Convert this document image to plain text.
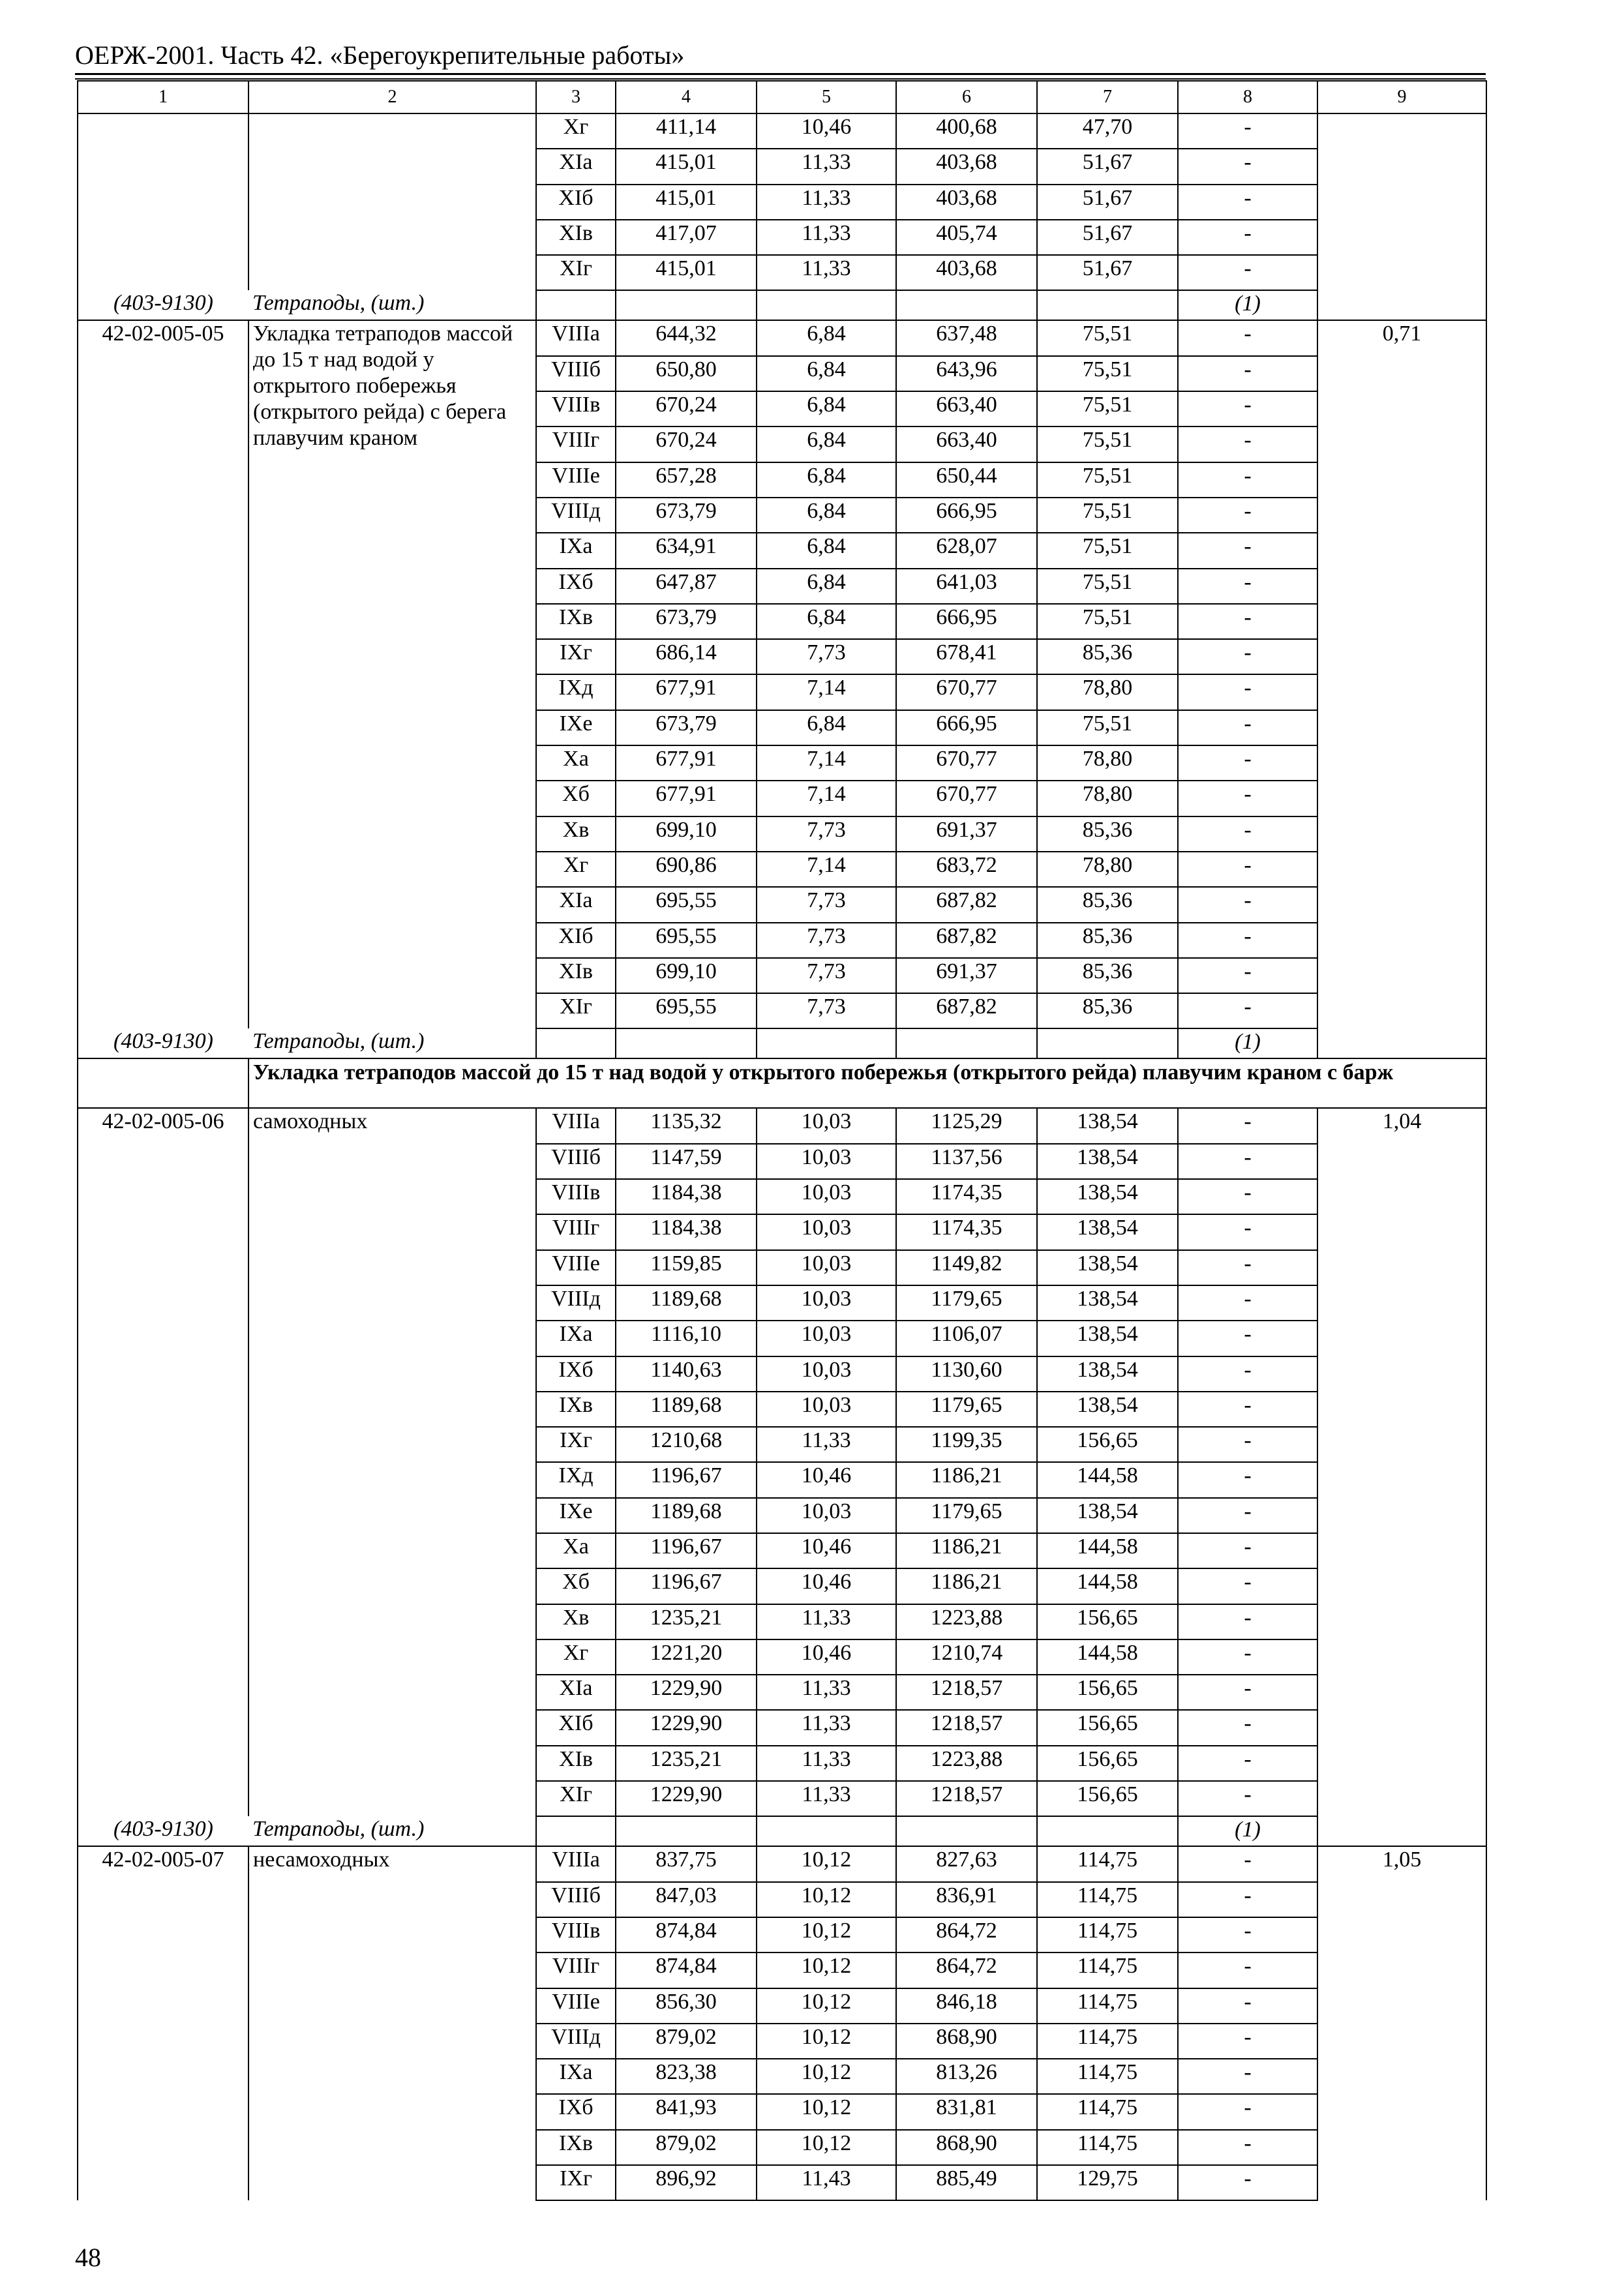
ОЕРЖ-2001. Часть 42. «Берегоукрепительные работы»
1	2	3	4	5	6	7	8	9
		Хг	411,14	10,46	400,68	47,70	-	
		ХIа	415,01	11,33	403,68	51,67	-	
		ХIб	415,01	11,33	403,68	51,67	-	
		ХIв	417,07	11,33	405,74	51,67	-	
		ХIг	415,01	11,33	403,68	51,67	-	
(403-9130)	Тетраподы, (шт.)						(1)	
42-02-005-05	Укладка тетраподов массой до 15 т над водой у открытого побережья (открытого рейда) с берега плавучим краном	VIIIа	644,32	6,84	637,48	75,51	-	0,71
		VIIIб	650,80	6,84	643,96	75,51	-	
		VIIIв	670,24	6,84	663,40	75,51	-	
		VIIIг	670,24	6,84	663,40	75,51	-	
		VIIIе	657,28	6,84	650,44	75,51	-	
		VIIIд	673,79	6,84	666,95	75,51	-	
		IХа	634,91	6,84	628,07	75,51	-	
		IХб	647,87	6,84	641,03	75,51	-	
		IХв	673,79	6,84	666,95	75,51	-	
		IХг	686,14	7,73	678,41	85,36	-	
		IХд	677,91	7,14	670,77	78,80	-	
		IХе	673,79	6,84	666,95	75,51	-	
		Ха	677,91	7,14	670,77	78,80	-	
		Хб	677,91	7,14	670,77	78,80	-	
		Хв	699,10	7,73	691,37	85,36	-	
		Хг	690,86	7,14	683,72	78,80	-	
		ХIа	695,55	7,73	687,82	85,36	-	
		ХIб	695,55	7,73	687,82	85,36	-	
		ХIв	699,10	7,73	691,37	85,36	-	
		ХIг	695,55	7,73	687,82	85,36	-	
(403-9130)	Тетраподы, (шт.)						(1)	
	Укладка тетраподов массой до 15 т над водой у открытого побережья (открытого рейда) плавучим краном с барж							
42-02-005-06	самоходных	VIIIа	1135,32	10,03	1125,29	138,54	-	1,04
		VIIIб	1147,59	10,03	1137,56	138,54	-	
		VIIIв	1184,38	10,03	1174,35	138,54	-	
		VIIIг	1184,38	10,03	1174,35	138,54	-	
		VIIIе	1159,85	10,03	1149,82	138,54	-	
		VIIIд	1189,68	10,03	1179,65	138,54	-	
		IХа	1116,10	10,03	1106,07	138,54	-	
		IХб	1140,63	10,03	1130,60	138,54	-	
		IХв	1189,68	10,03	1179,65	138,54	-	
		IХг	1210,68	11,33	1199,35	156,65	-	
		IХд	1196,67	10,46	1186,21	144,58	-	
		IХе	1189,68	10,03	1179,65	138,54	-	
		Ха	1196,67	10,46	1186,21	144,58	-	
		Хб	1196,67	10,46	1186,21	144,58	-	
		Хв	1235,21	11,33	1223,88	156,65	-	
		Хг	1221,20	10,46	1210,74	144,58	-	
		ХIа	1229,90	11,33	1218,57	156,65	-	
		ХIб	1229,90	11,33	1218,57	156,65	-	
		ХIв	1235,21	11,33	1223,88	156,65	-	
		ХIг	1229,90	11,33	1218,57	156,65	-	
(403-9130)	Тетраподы, (шт.)						(1)	
42-02-005-07	несамоходных	VIIIа	837,75	10,12	827,63	114,75	-	1,05
		VIIIб	847,03	10,12	836,91	114,75	-	
		VIIIв	874,84	10,12	864,72	114,75	-	
		VIIIг	874,84	10,12	864,72	114,75	-	
		VIIIе	856,30	10,12	846,18	114,75	-	
		VIIIд	879,02	10,12	868,90	114,75	-	
		IХа	823,38	10,12	813,26	114,75	-	
		IХб	841,93	10,12	831,81	114,75	-	
		IХв	879,02	10,12	868,90	114,75	-	
		IХг	896,92	11,43	885,49	129,75	-	
48
